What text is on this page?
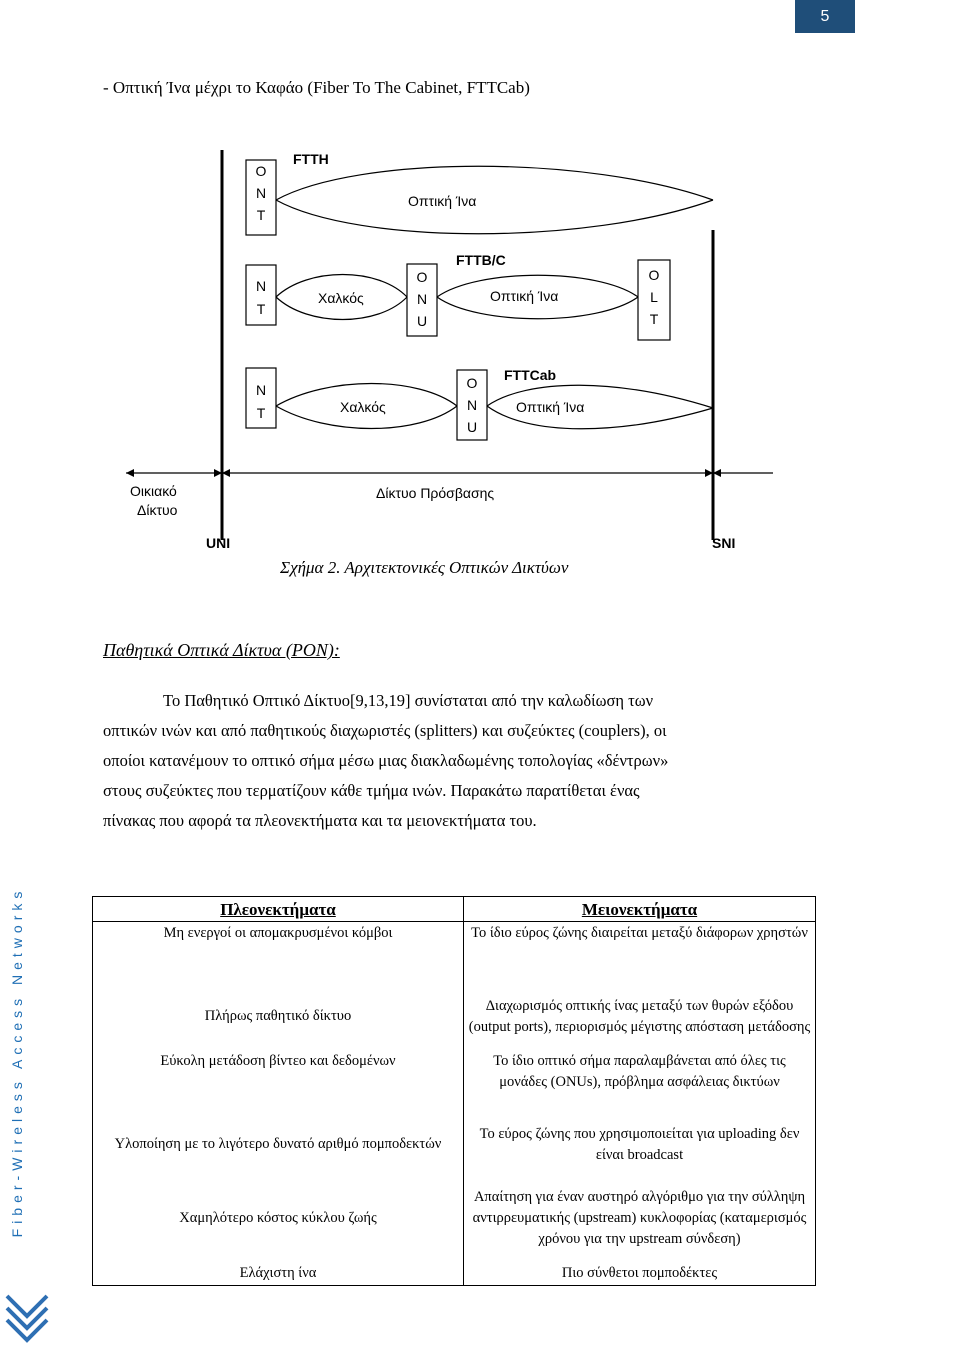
5
- Οπτική Ίνα μέχρι το Καφάο (Fiber To The Cabinet, FTTCab)
O
N
T
N
T
N
T
O
N
U
O
N
U
O
L
T
FTTH
FTTB/C
FTTCab
UNI	SNI
Οπτική Ίνα
Χαλκός	Οπτική Ίνα
Χαλκός	Οπτική Ίνα
Οικιακό
Δίκτυο
Δίκτυο Πρόσβασης
Σχήμα 2. Αρχιτεκτονικές Οπτικών Δικτύων
Παθητικά Οπτικά Δίκτυα (PON):
Το Παθητικό Οπτικό Δίκτυο[9,13,19] συνίσταται από την καλωδίωση των
οπτικών ινών και από παθητικούς διαχωριστές (splitters) και συζεύκτες (couplers), οι
οποίοι κατανέμουν το οπτικό σήμα μέσω μιας διακλαδωμένης τοπολογίας «δέντρων»
στους συζεύκτες που τερματίζουν κάθε τμήμα ινών. Παρακάτω παρατίθεται ένας
πίνακας που αφορά τα πλεονεκτήματα και τα μειονεκτήματα του.
Fiber-Wireless Access Networks	Πλεονεκτήματα	Μειονεκτήματα
Μη ενεργοί οι απομακρυσμένοι κόμβοι	Το ίδιο εύρος ζώνης διαιρείται μεταξύ διάφορων χρηστών
Πλήρως παθητικό δίκτυο	Διαχωρισμός οπτικής ίνας μεταξύ των θυρών εξόδου (output ports), περιορισμός μέγιστης απόσταση μετάδοσης
Εύκολη μετάδοση βίντεο και δεδομένων	Το ίδιο οπτικό σήμα παραλαμβάνεται από όλες τις μονάδες (ONUs), πρόβλημα ασφάλειας δικτύων
Υλοποίηση με το λιγότερο δυνατό αριθμό πομποδεκτών	Το εύρος ζώνης που χρησιμοποιείται για uploading δεν είναι broadcast
Χαμηλότερο κόστος κύκλου ζωής	Απαίτηση για έναν αυστηρό αλγόριθμο για την σύλληψη αντιρρευματικής (upstream) κυκλοφορίας (καταμερισμός χρόνου για την upstream σύνδεση)
Ελάχιστη ίνα	Πιο σύνθετοι πομποδέκτες
